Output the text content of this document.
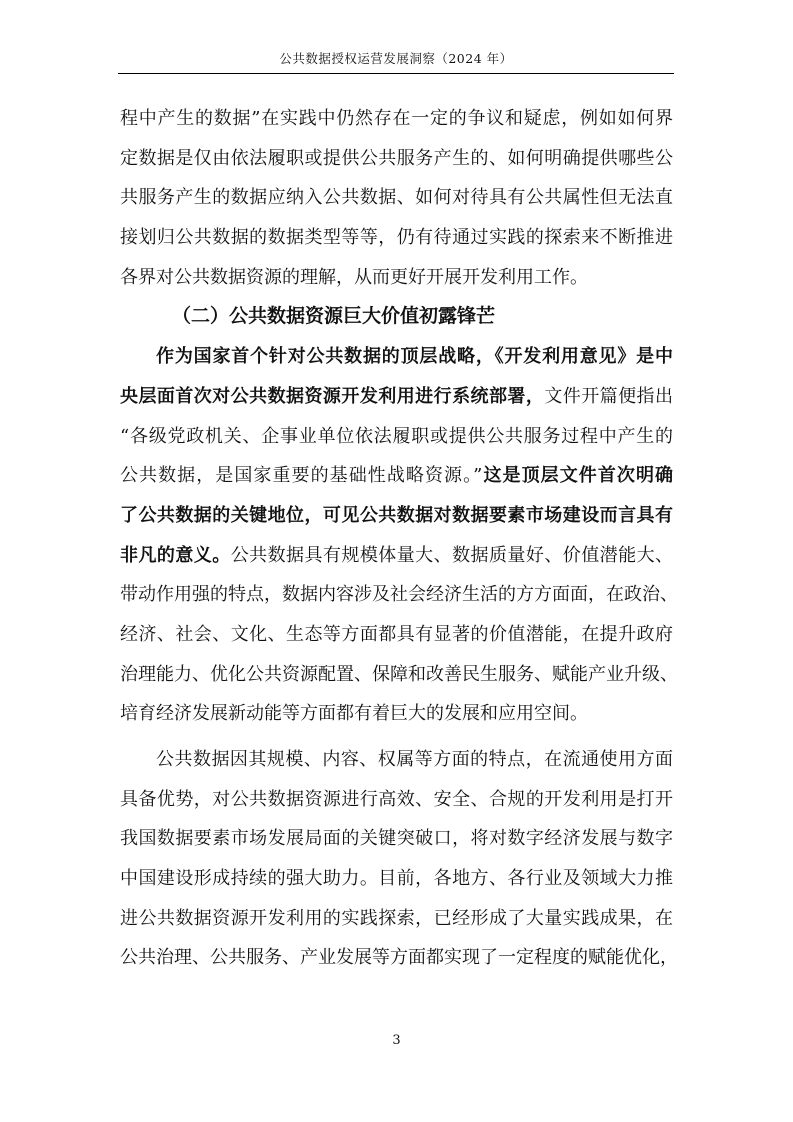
公共数据授权运营发展洞察（2024 年）
程中产生的数据”在实践中仍然存在一定的争议和疑虑，例如如何界
定数据是仅由依法履职或提供公共服务产生的、如何明确提供哪些公
共服务产生的数据应纳入公共数据、如何对待具有公共属性但无法直
接划归公共数据的数据类型等等，仍有待通过实践的探索来不断推进
各界对公共数据资源的理解，从而更好开展开发利用工作。
（二）公共数据资源巨大价值初露锋芒
作为国家首个针对公共数据的顶层战略，《开发利用意见》是中
央层面首次对公共数据资源开发利用进行系统部署，文件开篇便指出
“各级党政机关、企事业单位依法履职或提供公共服务过程中产生的
公共数据，是国家重要的基础性战略资源。”这是顶层文件首次明确
了公共数据的关键地位，可见公共数据对数据要素市场建设而言具有
非凡的意义。公共数据具有规模体量大、数据质量好、价值潜能大、
带动作用强的特点，数据内容涉及社会经济生活的方方面面，在政治、
经济、社会、文化、生态等方面都具有显著的价值潜能，在提升政府
治理能力、优化公共资源配置、保障和改善民生服务、赋能产业升级、
培育经济发展新动能等方面都有着巨大的发展和应用空间。
公共数据因其规模、内容、权属等方面的特点，在流通使用方面
具备优势，对公共数据资源进行高效、安全、合规的开发利用是打开
我国数据要素市场发展局面的关键突破口，将对数字经济发展与数字
中国建设形成持续的强大助力。目前，各地方、各行业及领域大力推
进公共数据资源开发利用的实践探索，已经形成了大量实践成果，在
公共治理、公共服务、产业发展等方面都实现了一定程度的赋能优化，
3
